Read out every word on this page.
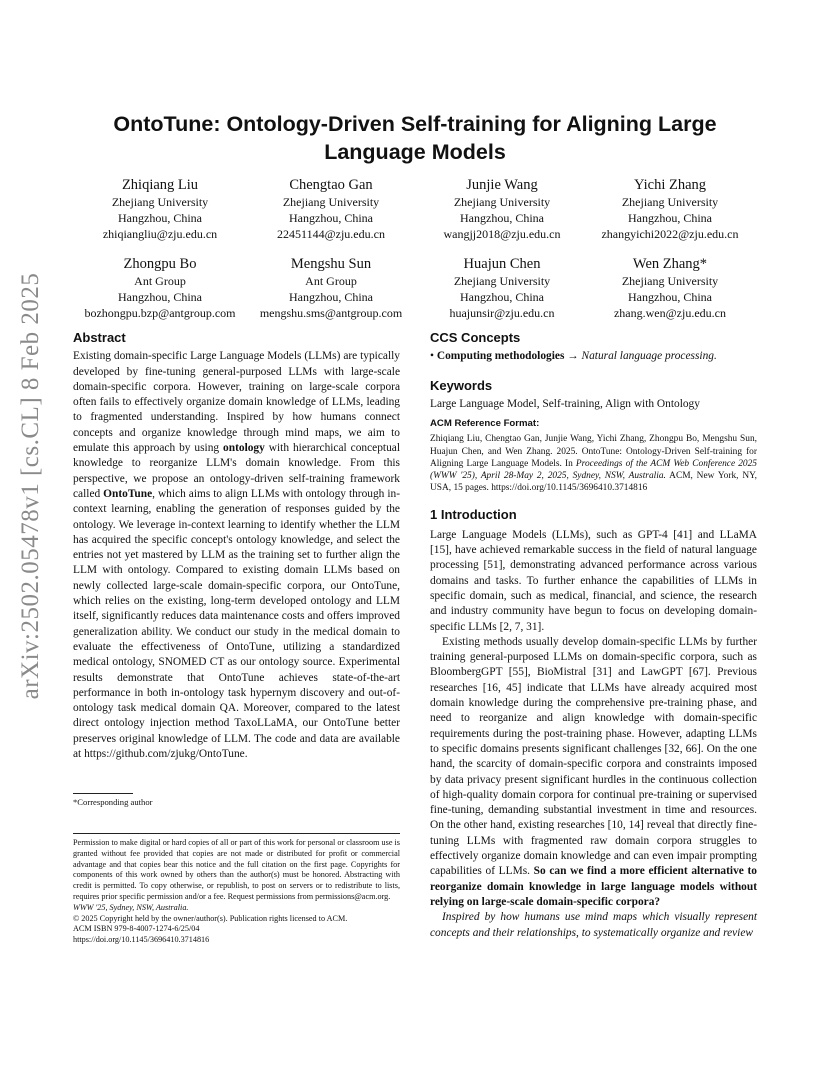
arXiv:2502.05478v1 [cs.CL] 8 Feb 2025
OntoTune: Ontology-Driven Self-training for Aligning Large Language Models
Zhiqiang Liu
Zhejiang University
Hangzhou, China
zhiqiangliu@zju.edu.cn
Chengtao Gan
Zhejiang University
Hangzhou, China
22451144@zju.edu.cn
Junjie Wang
Zhejiang University
Hangzhou, China
wangjj2018@zju.edu.cn
Yichi Zhang
Zhejiang University
Hangzhou, China
zhangyichi2022@zju.edu.cn
Zhongpu Bo
Ant Group
Hangzhou, China
bozhongpu.bzp@antgroup.com
Mengshu Sun
Ant Group
Hangzhou, China
mengshu.sms@antgroup.com
Huajun Chen
Zhejiang University
Hangzhou, China
huajunsir@zju.edu.cn
Wen Zhang*
Zhejiang University
Hangzhou, China
zhang.wen@zju.edu.cn
Abstract

Existing domain-specific Large Language Models (LLMs) are typically developed by fine-tuning general-purposed LLMs with large-scale domain-specific corpora. However, training on large-scale corpora often fails to effectively organize domain knowledge of LLMs, leading to fragmented understanding. Inspired by how humans connect concepts and organize knowledge through mind maps, we aim to emulate this approach by using ontology with hierarchical conceptual knowledge to reorganize LLM's domain knowledge. From this perspective, we propose an ontology-driven self-training framework called OntoTune, which aims to align LLMs with ontology through in-context learning, enabling the generation of responses guided by the ontology. We leverage in-context learning to identify whether the LLM has acquired the specific concept's ontology knowledge, and select the entries not yet mastered by LLM as the training set to further align the LLM with ontology. Compared to existing domain LLMs based on newly collected large-scale domain-specific corpora, our OntoTune, which relies on the existing, long-term developed ontology and LLM itself, significantly reduces data maintenance costs and offers improved generalization ability. We conduct our study in the medical domain to evaluate the effectiveness of OntoTune, utilizing a standardized medical ontology, SNOMED CT as our ontology source. Experimental results demonstrate that OntoTune achieves state-of-the-art performance in both in-ontology task hypernym discovery and out-of-ontology task medical domain QA. Moreover, compared to the latest direct ontology injection method TaxoLLaMA, our OntoTune better preserves original knowledge of LLM. The code and data are available at https://github.com/zjukg/OntoTune.

*Corresponding author
Permission to make digital or hard copies of all or part of this work for personal or classroom use is granted without fee provided that copies are not made or distributed for profit or commercial advantage and that copies bear this notice and the full citation on the first page. Copyrights for components of this work owned by others than the author(s) must be honored. Abstracting with credit is permitted. To copy otherwise, or republish, to post on servers or to redistribute to lists, requires prior specific permission and/or a fee. Request permissions from permissions@acm.org.
WWW '25, Sydney, NSW, Australia.
© 2025 Copyright held by the owner/author(s). Publication rights licensed to ACM.
ACM ISBN 979-8-4007-1274-6/25/04
https://doi.org/10.1145/3696410.3714816
CCS Concepts

• Computing methodologies → Natural language processing.

Keywords

Large Language Model, Self-training, Align with Ontology

ACM Reference Format:

Zhiqiang Liu, Chengtao Gan, Junjie Wang, Yichi Zhang, Zhongpu Bo, Mengshu Sun, Huajun Chen, and Wen Zhang. 2025. OntoTune: Ontology-Driven Self-training for Aligning Large Language Models. In Proceedings of the ACM Web Conference 2025 (WWW '25), April 28-May 2, 2025, Sydney, NSW, Australia. ACM, New York, NY, USA, 15 pages. https://doi.org/10.1145/3696410.3714816

1 Introduction

Large Language Models (LLMs), such as GPT-4 [41] and LLaMA [15], have achieved remarkable success in the field of natural language processing [51], demonstrating advanced performance across various domains and tasks. To further enhance the capabilities of LLMs in specific domain, such as medical, financial, and science, the research and industry community have begun to focus on developing domain-specific LLMs [2, 7, 31].

Existing methods usually develop domain-specific LLMs by further training general-purposed LLMs on domain-specific corpora, such as BloombergGPT [55], BioMistral [31] and LawGPT [67]. Previous researches [16, 45] indicate that LLMs have already acquired most domain knowledge during the comprehensive pre-training phase, and need to reorganize and align knowledge with domain-specific requirements during the post-training phase. However, adapting LLMs to specific domains presents significant challenges [32, 66]. On the one hand, the scarcity of domain-specific corpora and constraints imposed by data privacy present significant hurdles in the continuous collection of high-quality domain corpora for continual pre-training or supervised fine-tuning, demanding substantial investment in time and resources. On the other hand, existing researches [10, 14] reveal that directly fine-tuning LLMs with fragmented raw domain corpora struggles to effectively organize domain knowledge and can even impair prompting capabilities of LLMs. So can we find a more efficient alternative to reorganize domain knowledge in large language models without relying on large-scale domain-specific corpora?

Inspired by how humans use mind maps which visually represent concepts and their relationships, to systematically organize and review
